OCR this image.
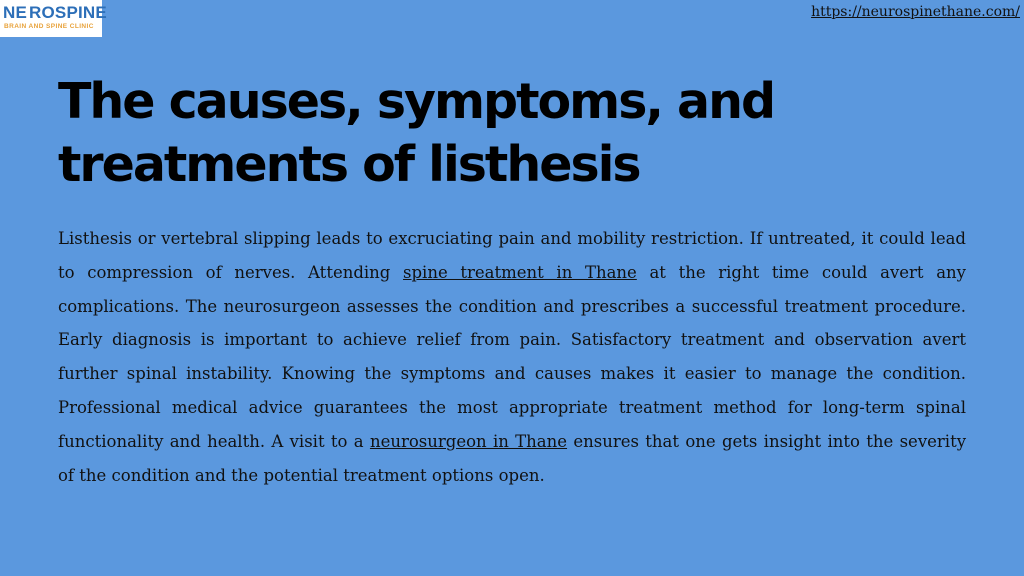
NE ROSPINE
BRAIN AND SPINE CLINIC
https://neurospinethane.com/
The causes, symptoms, and treatments of listhesis

Listhesis or vertebral slipping leads to excruciating pain and mobility restriction. If untreated, it could lead to compression of nerves. Attending spine treatment in Thane at the right time could avert any complications. The neurosurgeon assesses the condition and prescribes a successful treatment procedure. Early diagnosis is important to achieve relief from pain. Satisfactory treatment and observation avert further spinal instability. Knowing the symptoms and causes makes it easier to manage the condition. Professional medical advice guarantees the most appropriate treatment method for long-term spinal functionality and health. A visit to a neurosurgeon in Thane ensures that one gets insight into the severity of the condition and the potential treatment options open.
